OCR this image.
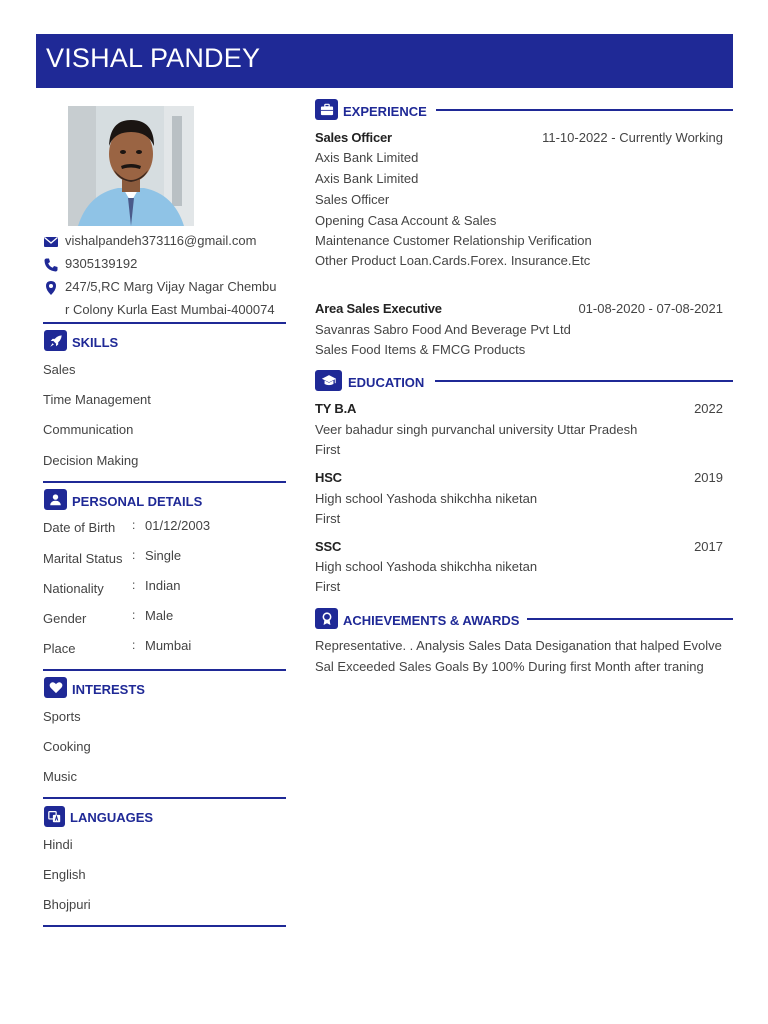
VISHAL PANDEY
vishalpandeh373116@gmail.com
9305139192
247/5,RC Marg Vijay Nagar Chembu
r Colony Kurla East Mumbai-400074
SKILLS
Sales
Time Management
Communication
Decision Making
PERSONAL DETAILS
Date of Birth : 01/12/2003
Marital Status : Single
Nationality : Indian
Gender	: Male
Place	: Mumbai
INTERESTS
Sports
Cooking
Music
LANGUAGES
Hindi
English
Bhojpuri
EXPERIENCE
Sales Officer	11-10-2022 - Currently Working
Axis Bank Limited
Axis Bank Limited
Sales Officer
Opening Casa Account & Sales
Maintenance Customer Relationship Verification
Other Product Loan.Cards.Forex. Insurance.Etc
Area Sales Executive	01-08-2020 - 07-08-2021
Savanras Sabro Food And Beverage Pvt Ltd
Sales Food Items & FMCG Products
EDUCATION
TY B.A	2022
Veer bahadur singh purvanchal university Uttar Pradesh
First
HSC	2019
High school Yashoda shikchha niketan
First
SSC	2017
High school Yashoda shikchha niketan
First
ACHIEVEMENTS & AWARDS
Representative. . Analysis Sales Data Desiganation that halped Evolve Sal Exceeded Sales Goals By 100% During first Month after traning
